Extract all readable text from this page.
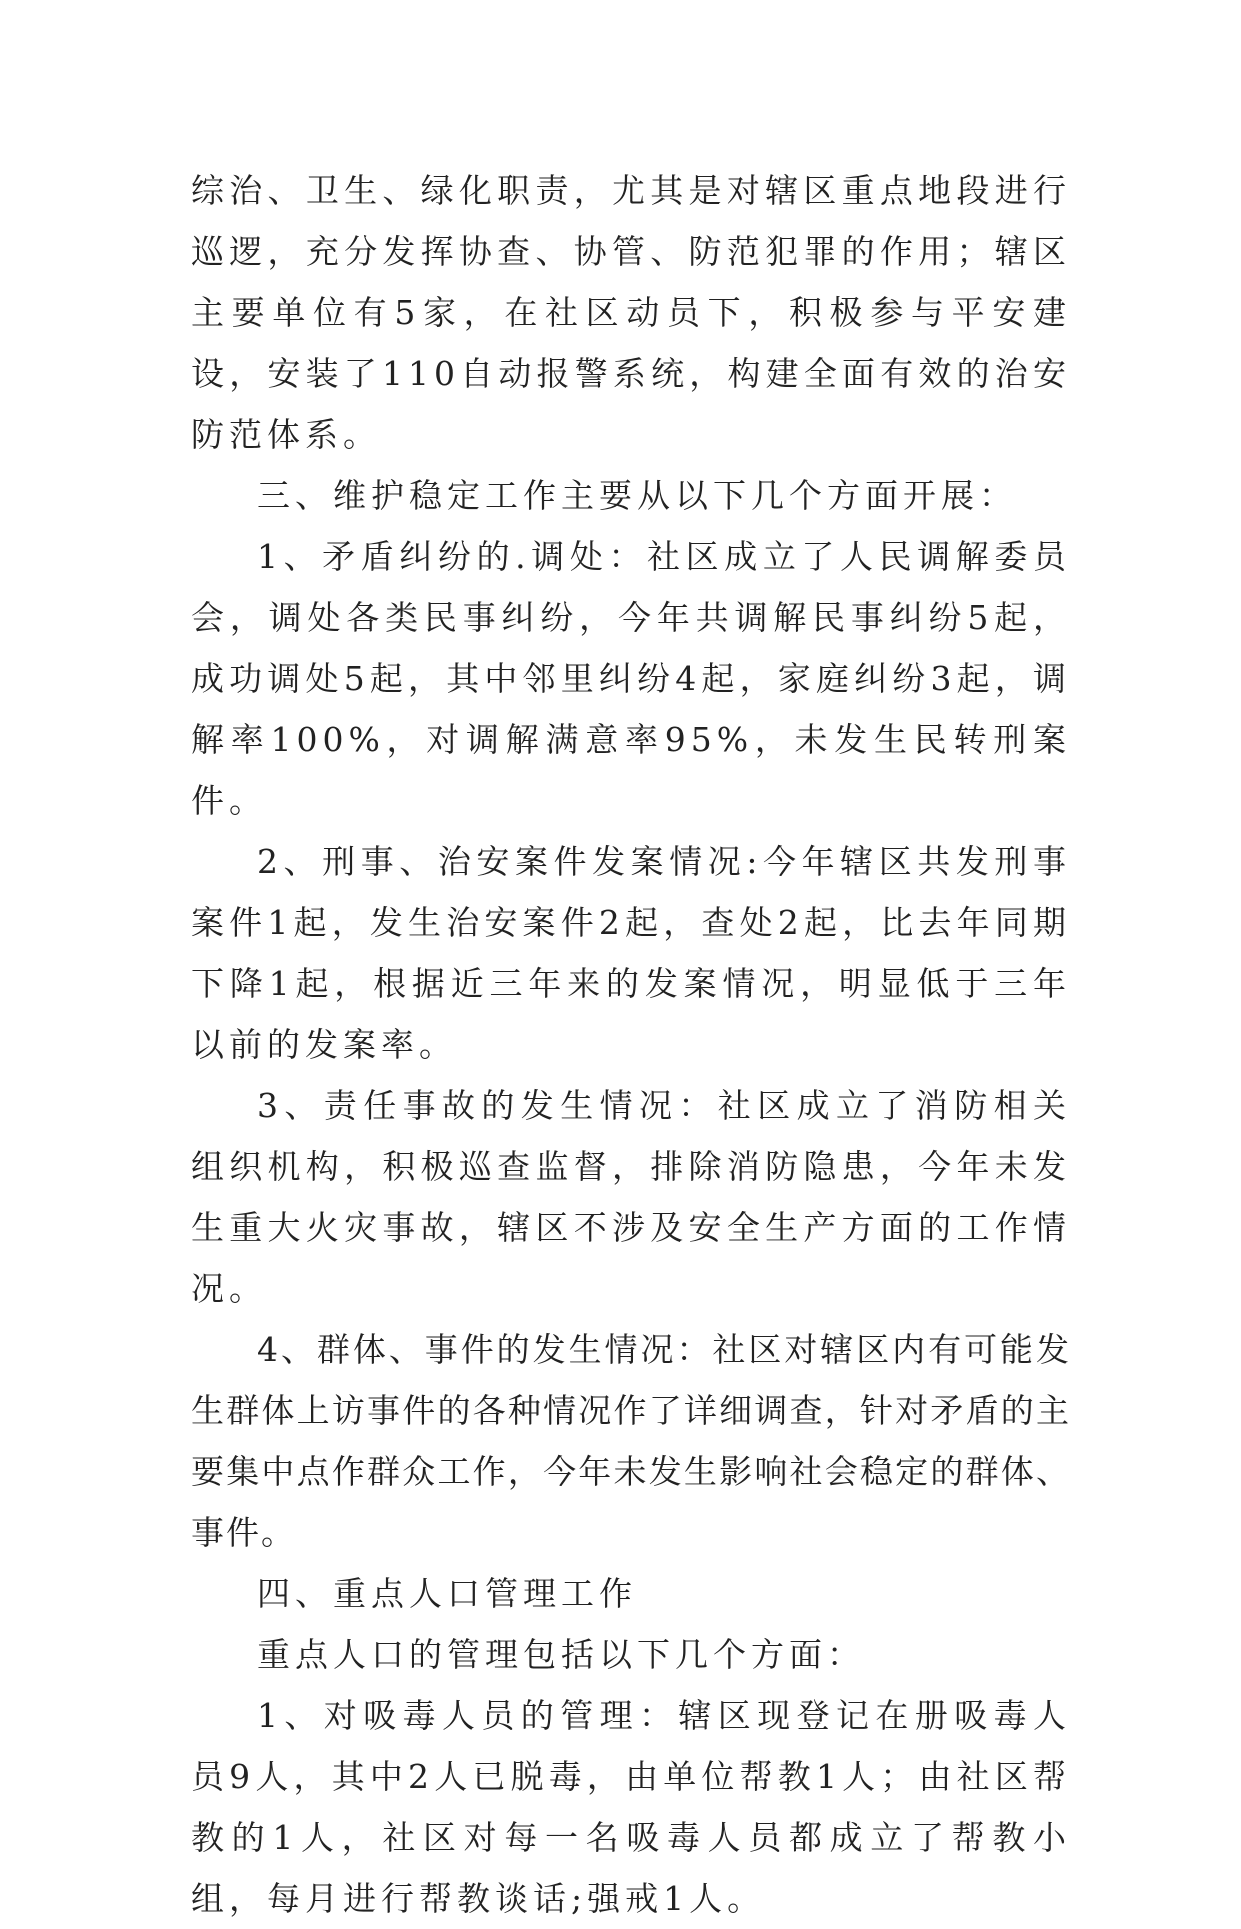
综治、卫生、绿化职责，尤其是对辖区重点地段进行巡逻，充分发挥协查、协管、防范犯罪的作用；辖区主要单位有5家，在社区动员下，积极参与平安建设，安装了110自动报警系统，构建全面有效的治安防范体系。

三、维护稳定工作主要从以下几个方面开展：

1、矛盾纠纷的.调处：社区成立了人民调解委员会，调处各类民事纠纷，今年共调解民事纠纷5起，成功调处5起，其中邻里纠纷4起，家庭纠纷3起，调解率100%，对调解满意率95%，未发生民转刑案件。

2、刑事、治安案件发案情况:今年辖区共发刑事案件1起，发生治安案件2起，查处2起，比去年同期下降1起，根据近三年来的发案情况，明显低于三年以前的发案率。

3、责任事故的发生情况：社区成立了消防相关组织机构，积极巡查监督，排除消防隐患，今年未发生重大火灾事故，辖区不涉及安全生产方面的工作情况。

4、群体、事件的发生情况：社区对辖区内有可能发生群体上访事件的各种情况作了详细调查，针对矛盾的主要集中点作群众工作，今年未发生影响社会稳定的群体、事件。

四、重点人口管理工作

重点人口的管理包括以下几个方面：

1、对吸毒人员的管理：辖区现登记在册吸毒人员9人，其中2人已脱毒，由单位帮教1人；由社区帮教的1人，社区对每一名吸毒人员都成立了帮教小组，每月进行帮教谈话;强戒1人。
